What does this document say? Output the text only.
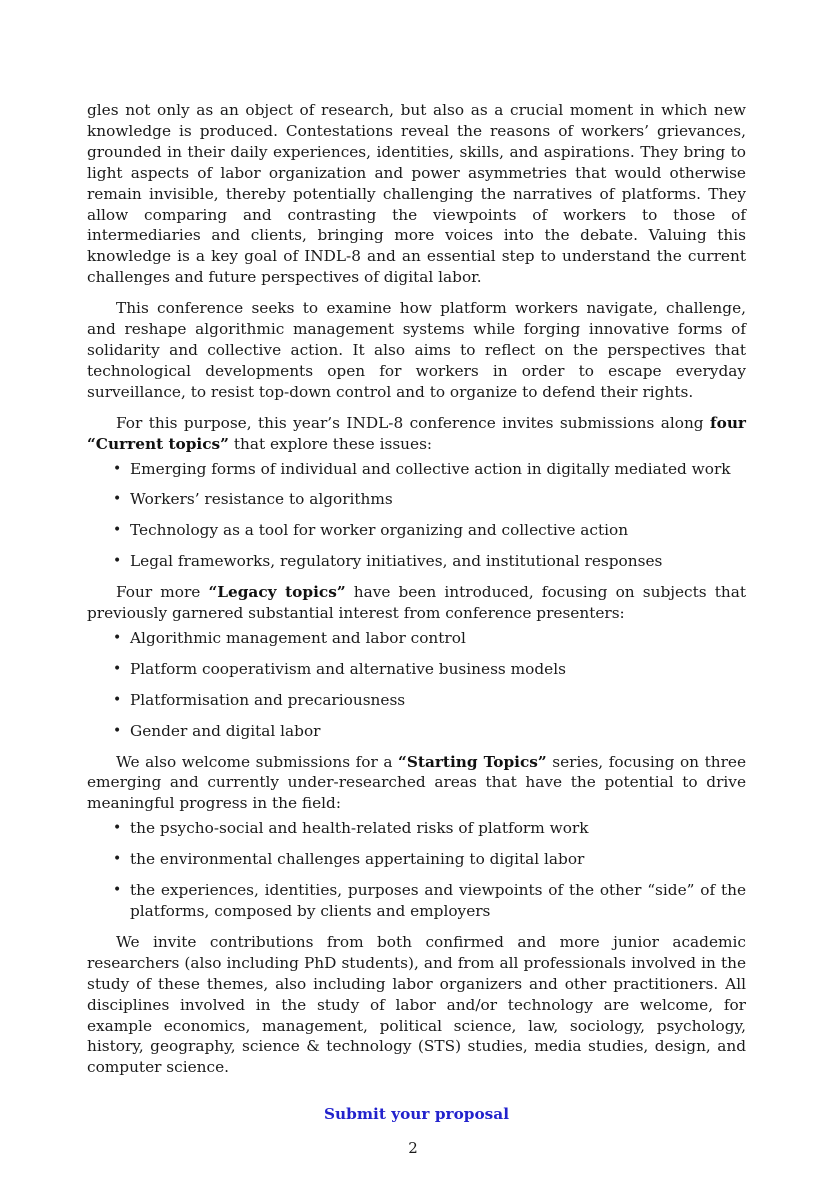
gles not only as an object of research, but also as a crucial moment in which new knowledge is produced. Contestations reveal the reasons of workers’ grievances, grounded in their daily experiences, identities, skills, and aspirations. They bring to light aspects of labor organization and power asymmetries that would otherwise remain invisible, thereby potentially challenging the narratives of platforms. They allow comparing and contrasting the viewpoints of workers to those of intermediaries and clients, bringing more voices into the debate. Valuing this knowledge is a key goal of INDL-8 and an essential step to understand the current challenges and future perspectives of digital labor.

This conference seeks to examine how platform workers navigate, challenge, and reshape algorithmic management systems while forging innovative forms of solidarity and collective action. It also aims to reflect on the perspectives that technological developments open for workers in order to escape everyday surveillance, to resist top-down control and to organize to defend their rights.

For this purpose, this year’s INDL-8 conference invites submissions along four “Current topics” that explore these issues:

• Emerging forms of individual and collective action in digitally mediated work
• Workers’ resistance to algorithms
• Technology as a tool for worker organizing and collective action
• Legal frameworks, regulatory initiatives, and institutional responses

Four more “Legacy topics” have been introduced, focusing on subjects that previously garnered substantial interest from conference presenters:

• Algorithmic management and labor control
• Platform cooperativism and alternative business models
• Platformisation and precariousness
• Gender and digital labor

We also welcome submissions for a “Starting Topics” series, focusing on three emerging and currently under-researched areas that have the potential to drive meaningful progress in the field:

• the psycho-social and health-related risks of platform work
• the environmental challenges appertaining to digital labor
• the experiences, identities, purposes and viewpoints of the other “side” of the platforms, composed by clients and employers

We invite contributions from both confirmed and more junior academic researchers (also including PhD students), and from all professionals involved in the study of these themes, also including labor organizers and other practitioners. All disciplines involved in the study of labor and/or technology are welcome, for example economics, management, political science, law, sociology, psychology, history, geography, science & technology (STS) studies, media studies, design, and computer science.

Submit your proposal
2
